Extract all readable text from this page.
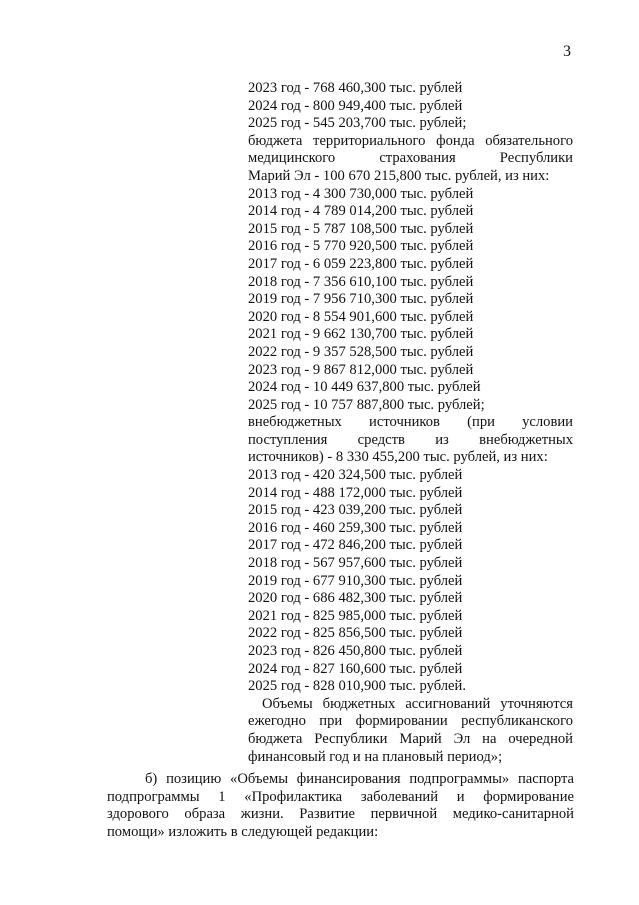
3
2023 год - 768 460,300 тыс. рублей
2024 год - 800 949,400 тыс. рублей
2025 год - 545 203,700 тыс. рублей;
бюджета территориального фонда обязательного
медицинского страхования Республики
Марий Эл - 100 670 215,800 тыс. рублей, из них:
2013 год - 4 300 730,000 тыс. рублей
2014 год - 4 789 014,200 тыс. рублей
2015 год - 5 787 108,500 тыс. рублей
2016 год - 5 770 920,500 тыс. рублей
2017 год - 6 059 223,800 тыс. рублей
2018 год - 7 356 610,100 тыс. рублей
2019 год - 7 956 710,300 тыс. рублей
2020 год - 8 554 901,600 тыс. рублей
2021 год - 9 662 130,700 тыс. рублей
2022 год - 9 357 528,500 тыс. рублей
2023 год - 9 867 812,000 тыс. рублей
2024 год - 10 449 637,800 тыс. рублей
2025 год - 10 757 887,800 тыс. рублей;
внебюджетных источников (при условии
поступления средств из внебюджетных
источников) - 8 330 455,200 тыс. рублей, из них:
2013 год - 420 324,500 тыс. рублей
2014 год - 488 172,000 тыс. рублей
2015 год - 423 039,200 тыс. рублей
2016 год - 460 259,300 тыс. рублей
2017 год - 472 846,200 тыс. рублей
2018 год - 567 957,600 тыс. рублей
2019 год - 677 910,300 тыс. рублей
2020 год - 686 482,300 тыс. рублей
2021 год - 825 985,000 тыс. рублей
2022 год - 825 856,500 тыс. рублей
2023 год - 826 450,800 тыс. рублей
2024 год - 827 160,600 тыс. рублей
2025 год - 828 010,900 тыс. рублей.
Объемы бюджетных ассигнований уточняются ежегодно при формировании республиканского бюджета Республики Марий Эл на очередной финансовый год и на плановый период»;
б) позицию «Объемы финансирования подпрограммы» паспорта
подпрограммы 1 «Профилактика заболеваний и формирование
здорового образа жизни. Развитие первичной медико-санитарной
помощи» изложить в следующей редакции:
